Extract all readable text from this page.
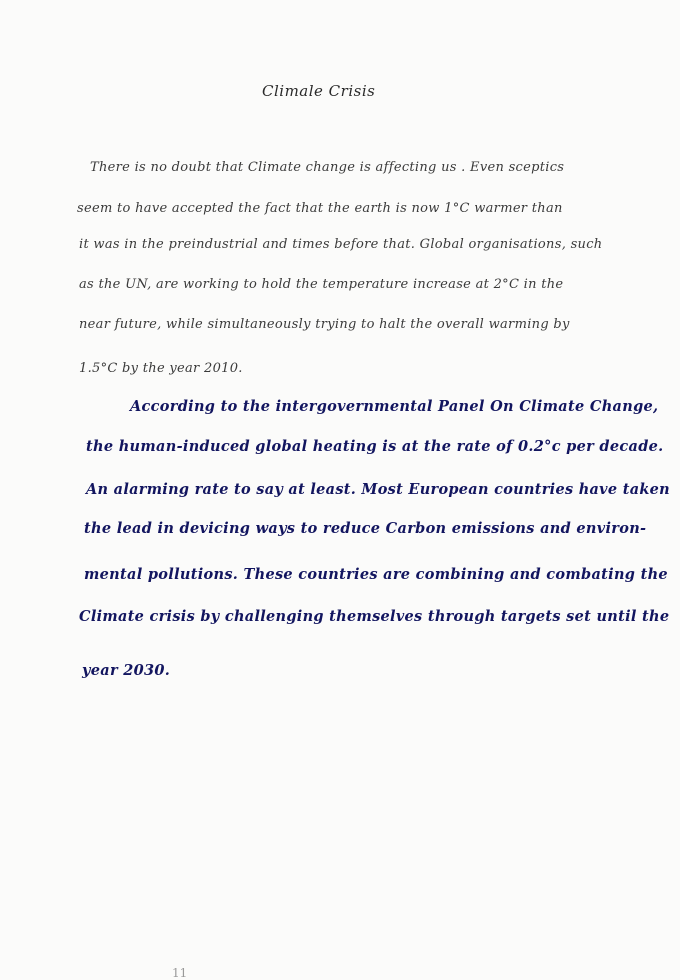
Climale Crisis
There is no doubt that Climate change is affecting us . Even sceptics
seem to have accepted the fact that the earth is now 1°C warmer than
it was in the preindustrial and times before that. Global organisations, such
as the UN, are working to hold the temperature increase at 2°C in the
near future, while simultaneously trying to halt the overall warming by
1.5°C by the year 2010.
According to the intergovernmental Panel On Climate Change,
the human-induced global heating is at the rate of 0.2°c per decade.
An alarming rate to say at least. Most European countries have taken
the lead in devicing ways to reduce Carbon emissions and environ-
mental pollutions. These countries are combining and combating the
Climate crisis by challenging themselves through targets set until the
year 2030.
11
